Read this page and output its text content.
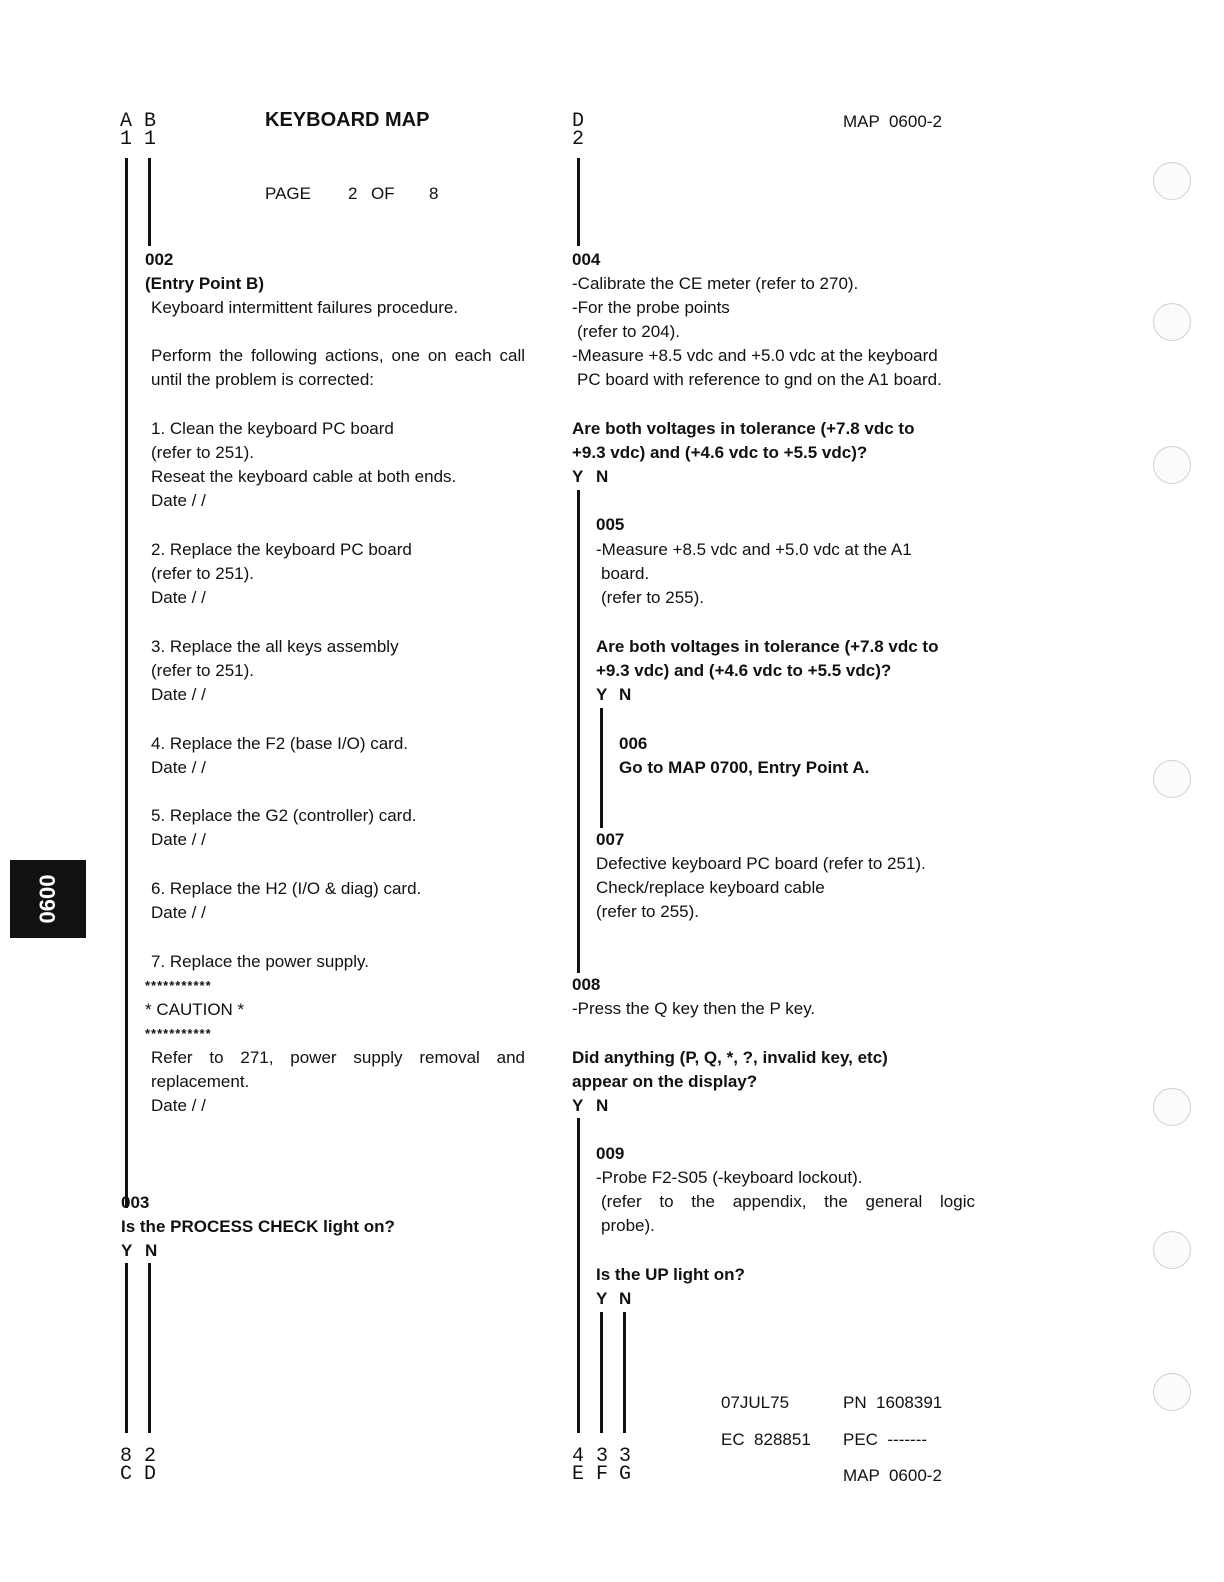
0600
A
1
B
1
KEYBOARD MAP	D
2
MAP  0600-2
PAGE 2 OF 8
002
(Entry Point B)
Keyboard intermittent failures procedure.
Perform the following actions, one on each call until the problem is corrected:
1. Clean the keyboard PC board
(refer to 251).
Reseat the keyboard cable at both ends.
Date / /
2. Replace the keyboard PC board
(refer to 251).
Date / /
3. Replace the all keys assembly
(refer to 251).
Date / /
4. Replace the F2 (base I/O) card.
Date / /
5. Replace the G2 (controller) card.
Date / /
6. Replace the H2 (I/O & diag) card.
Date / /
7. Replace the power supply.
***********
* CAUTION *
***********
Refer to 271, power supply removal and replacement.
Date / /
003
Is the PROCESS CHECK light on?
Y N
8
C
2
D
004
-Calibrate the CE meter (refer to 270).
-For the probe points
(refer to 204).
-Measure +8.5 vdc and +5.0 vdc at the keyboard
PC board with reference to gnd on the A1 board.
Are both voltages in tolerance (+7.8 vdc to
+9.3 vdc) and (+4.6 vdc to +5.5 vdc)?
Y N
005
-Measure +8.5 vdc and +5.0 vdc at the A1
board.
(refer to 255).
Are both voltages in tolerance (+7.8 vdc to
+9.3 vdc) and (+4.6 vdc to +5.5 vdc)?
Y N
006
Go to MAP 0700, Entry Point A.
007
Defective keyboard PC board (refer to 251).
Check/replace keyboard cable
(refer to 255).
008
-Press the Q key then the P key.
Did anything (P, Q, *, ?, invalid key, etc)
appear on the display?
Y N
009
-Probe F2-S05 (-keyboard lockout).
(refer to the appendix, the general logic
probe).
Is the UP light on?
Y N
4
E
3
F
3
G
07JUL75	PN  1608391
EC  828851 PEC  -------
MAP  0600-2
